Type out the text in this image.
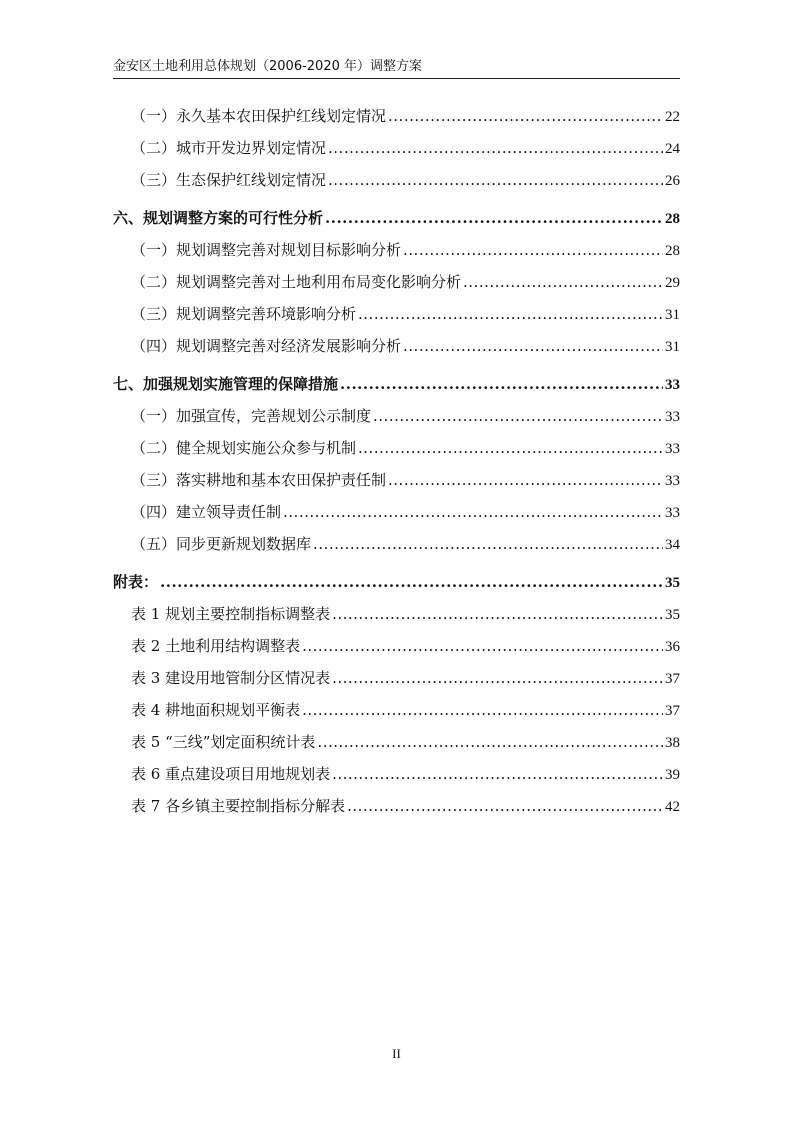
金安区土地利用总体规划（2006-2020 年）调整方案
（一）永久基本农田保护红线划定情况 .....	22
（二）城市开发边界划定情况 .....	24
（三）生态保护红线划定情况 .....	26
六、规划调整方案的可行性分析 .....	28
（一）规划调整完善对规划目标影响分析 .....	28
（二）规划调整完善对土地利用布局变化影响分析 .....	29
（三）规划调整完善环境影响分析 .....	31
（四）规划调整完善对经济发展影响分析 .....	31
七、加强规划实施管理的保障措施 .....	33
（一）加强宣传，完善规划公示制度 .....	33
（二）健全规划实施公众参与机制 .....	33
（三）落实耕地和基本农田保护责任制 .....	33
（四）建立领导责任制 .....	33
（五）同步更新规划数据库 .....	34
附表： .....	35
表 1 规划主要控制指标调整表 .....	35
表 2 土地利用结构调整表 .....	36
表 3 建设用地管制分区情况表 .....	37
表 4 耕地面积规划平衡表 .....	37
表 5 “三线”划定面积统计表 .....	38
表 6 重点建设项目用地规划表 .....	39
表 7 各乡镇主要控制指标分解表 .....	42
II
